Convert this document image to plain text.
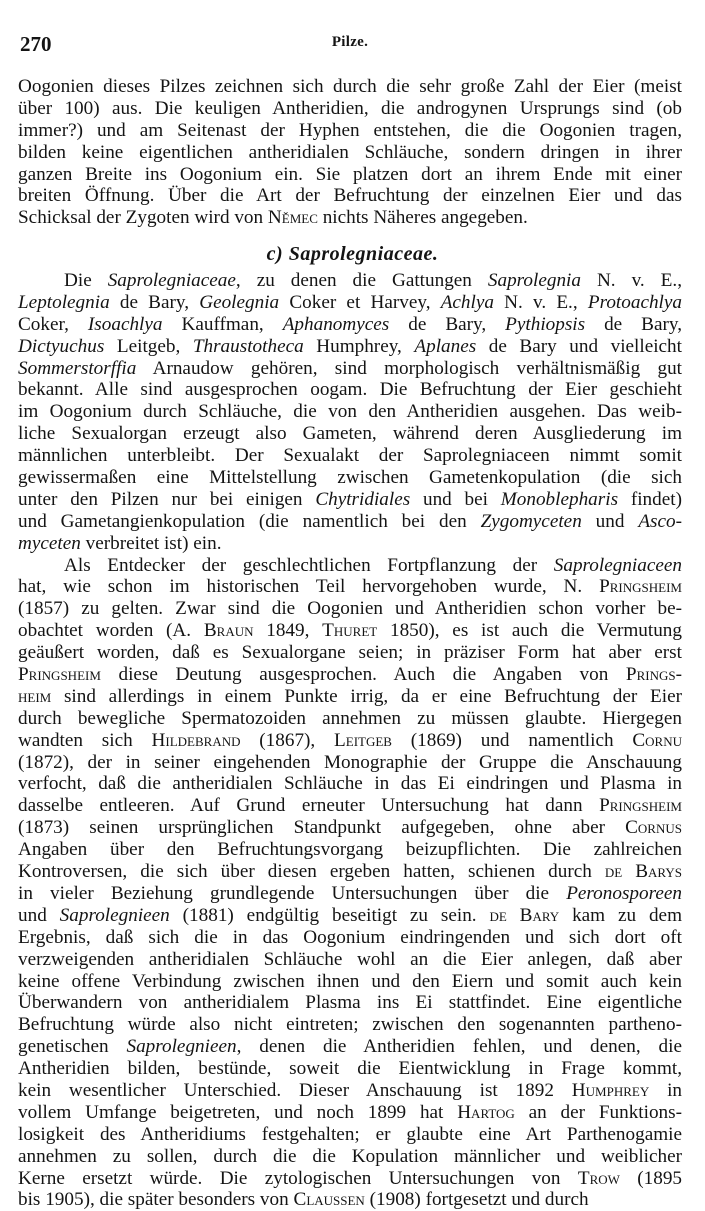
270	Pilze.
Oogonien dieses Pilzes zeichnen sich durch die sehr große Zahl der Eier (meist
über 100) aus. Die keuligen Antheridien, die androgynen Ursprungs sind (ob
immer?) und am Seitenast der Hyphen entstehen, die die Oogonien tragen,
bilden keine eigentlichen antheridialen Schläuche, sondern dringen in ihrer
ganzen Breite ins Oogonium ein. Sie platzen dort an ihrem Ende mit einer
breiten Öffnung. Über die Art der Befruchtung der einzelnen Eier und das
Schicksal der Zygoten wird von Němec nichts Näheres angegeben.
c) Saprolegniaceae.
Die Saprolegniaceae, zu denen die Gattungen Saprolegnia N. v. E.,
Leptolegnia de Bary, Geolegnia Coker et Harvey, Achlya N. v. E., Protoachlya
Coker, Isoachlya Kauffman, Aphanomyces de Bary, Pythiopsis de Bary,
Dictyuchus Leitgeb, Thraustotheca Humphrey, Aplanes de Bary und vielleicht
Sommerstorffia Arnaudow gehören, sind morphologisch verhältnismäßig gut
bekannt. Alle sind ausgesprochen oogam. Die Befruchtung der Eier geschieht
im Oogonium durch Schläuche, die von den Antheridien ausgehen. Das weib-
liche Sexualorgan erzeugt also Gameten, während deren Ausgliederung im
männlichen unterbleibt. Der Sexualakt der Saprolegniaceen nimmt somit
gewissermaßen eine Mittelstellung zwischen Gametenkopulation (die sich
unter den Pilzen nur bei einigen Chytridiales und bei Monoblepharis findet)
und Gametangienkopulation (die namentlich bei den Zygomyceten und Asco-
myceten verbreitet ist) ein.
Als Entdecker der geschlechtlichen Fortpflanzung der Saprolegniaceen
hat, wie schon im historischen Teil hervorgehoben wurde, N. Pringsheim
(1857) zu gelten. Zwar sind die Oogonien und Antheridien schon vorher be-
obachtet worden (A. Braun 1849, Thuret 1850), es ist auch die Vermutung
geäußert worden, daß es Sexualorgane seien; in präziser Form hat aber erst
Pringsheim diese Deutung ausgesprochen. Auch die Angaben von Prings-
heim sind allerdings in einem Punkte irrig, da er eine Befruchtung der Eier
durch bewegliche Spermatozoiden annehmen zu müssen glaubte. Hiergegen
wandten sich Hildebrand (1867), Leitgeb (1869) und namentlich Cornu
(1872), der in seiner eingehenden Monographie der Gruppe die Anschauung
verfocht, daß die antheridialen Schläuche in das Ei eindringen und Plasma in
dasselbe entleeren. Auf Grund erneuter Untersuchung hat dann Pringsheim
(1873) seinen ursprünglichen Standpunkt aufgegeben, ohne aber Cornus
Angaben über den Befruchtungsvorgang beizupflichten. Die zahlreichen
Kontroversen, die sich über diesen ergeben hatten, schienen durch de Barys
in vieler Beziehung grundlegende Untersuchungen über die Peronosporeen
und Saprolegnieen (1881) endgültig beseitigt zu sein. de Bary kam zu dem
Ergebnis, daß sich die in das Oogonium eindringenden und sich dort oft
verzweigenden antheridialen Schläuche wohl an die Eier anlegen, daß aber
keine offene Verbindung zwischen ihnen und den Eiern und somit auch kein
Überwandern von antheridialem Plasma ins Ei stattfindet. Eine eigentliche
Befruchtung würde also nicht eintreten; zwischen den sogenannten partheno-
genetischen Saprolegnieen, denen die Antheridien fehlen, und denen, die
Antheridien bilden, bestünde, soweit die Eientwicklung in Frage kommt,
kein wesentlicher Unterschied. Dieser Anschauung ist 1892 Humphrey in
vollem Umfange beigetreten, und noch 1899 hat Hartog an der Funktions-
losigkeit des Antheridiums festgehalten; er glaubte eine Art Parthenogamie
annehmen zu sollen, durch die die Kopulation männlicher und weiblicher
Kerne ersetzt würde. Die zytologischen Untersuchungen von Trow (1895
bis 1905), die später besonders von Claussen (1908) fortgesetzt und durch
